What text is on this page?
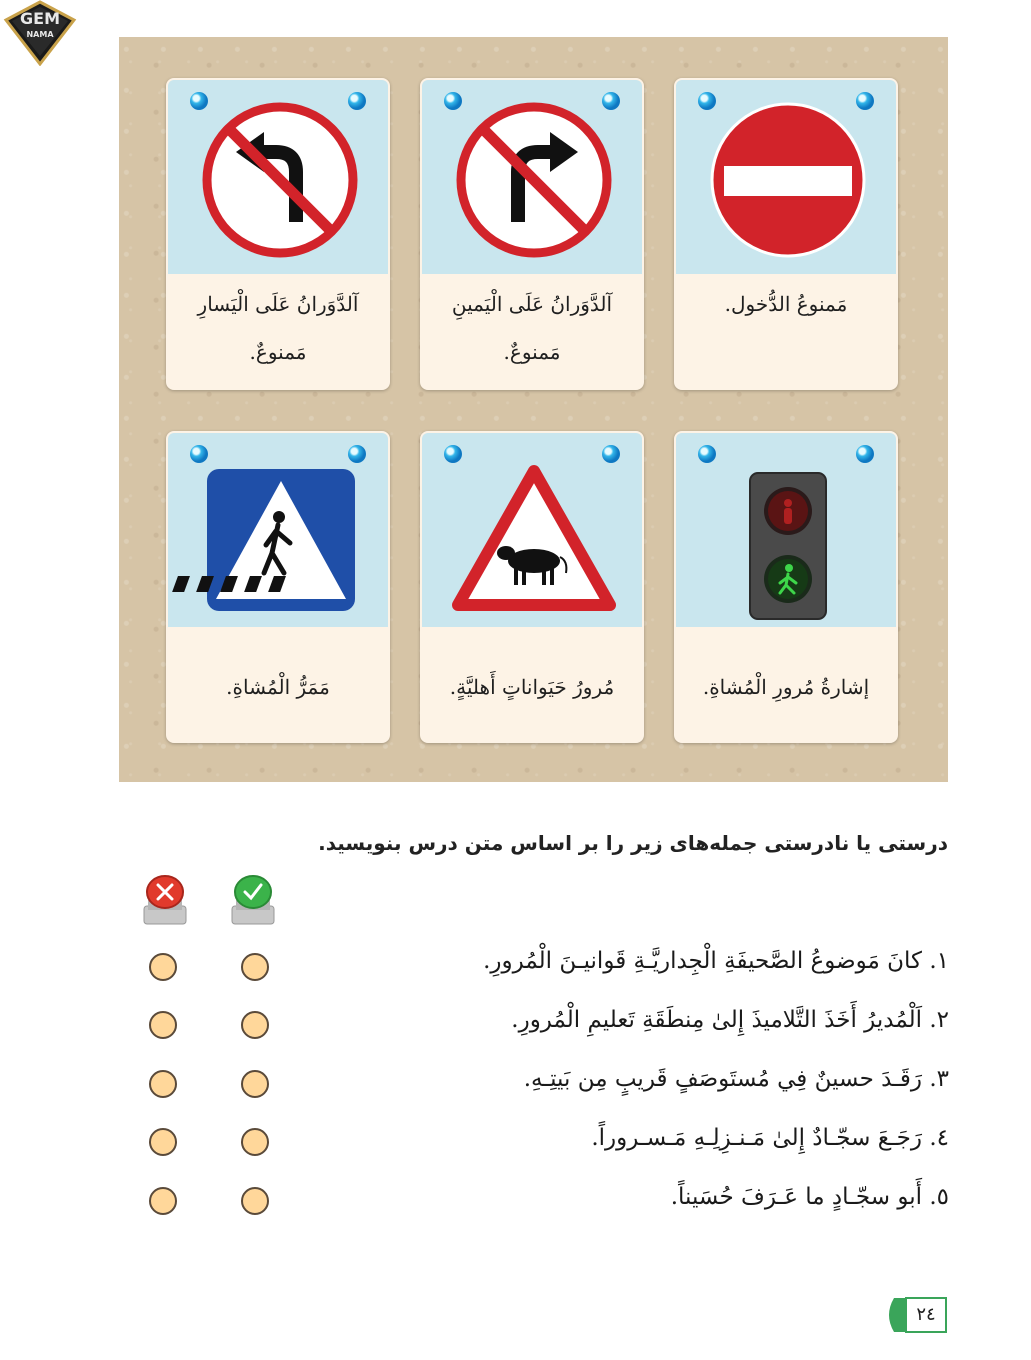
GEM
NAMA
آلدَّوَرانُ عَلَى الْيَسارِ
مَمنوعٌ.
آلدَّوَرانُ عَلَى الْيَمينِ
مَمنوعٌ.
مَمنوعُ الدُّخول.
مَمَرُّ الْمُشاةِ.	مُرورُ حَيَواناتٍ أَهليَّةٍ.	إشارةُ مُرورِ الْمُشاةِ.
درستی یا نادرستی جمله‌های زیر را بر اساس متن درس بنویسید.
١. كانَ مَوضوعُ الصَّحيفَةِ الْجِداريَّـةِ قَوانيـنَ الْمُرورِ.
٢. اَلْمُديرُ أَخَذَ التَّلاميذَ إِلىٰ مِنطَقَةِ تَعليمِ الْمُرورِ.
٣. رَقَـدَ حسينٌ فِي مُستَوصَفٍ قَريبٍ مِن بَيتِـهِ.
٤. رَجَـعَ سجّـادٌ إِلىٰ مَـنـزِلِـهِ مَـسـروراً.
٥. أَبو سجّـادٍ ما عَـرَفَ حُسَيناً.
٢٤
